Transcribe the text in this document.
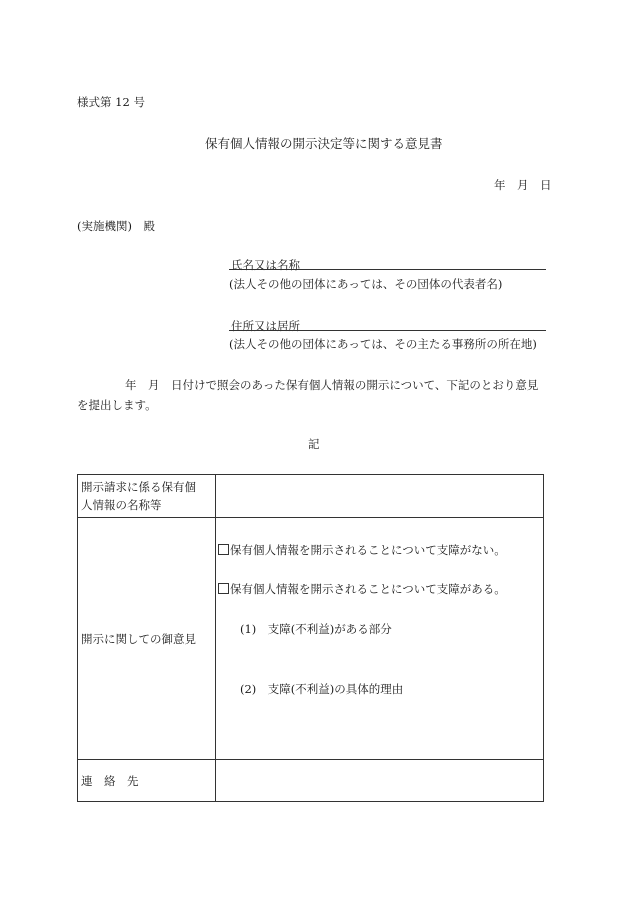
様式第 12 号
保有個人情報の開示決定等に関する意見書
年　月　日
(実施機関)　殿
氏名又は名称
(法人その他の団体にあっては、その団体の代表者名)
住所又は居所
(法人その他の団体にあっては、その主たる事務所の所在地)
年　月　日付けで照会のあった保有個人情報の開示について、下記のとおり意見
を提出します。
記
開示請求に係る保有個
人情報の名称等	

開示に関しての御意見	保有個人情報を開示されることについて支障がない。
保有個人情報を開示されることについて支障がある。
(1)　支障(不利益)がある部分
(2)　支障(不利益)の具体的理由

連　絡　先	
